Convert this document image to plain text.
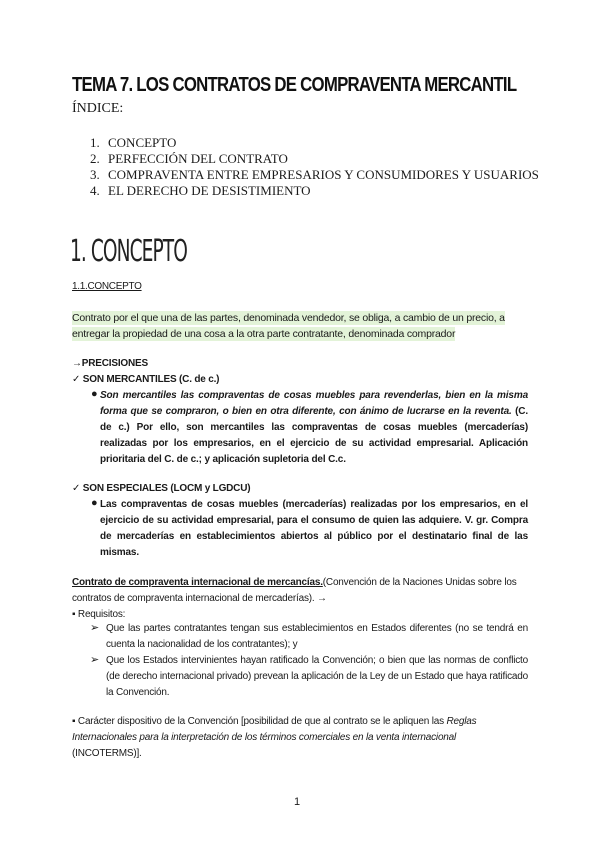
TEMA 7. LOS CONTRATOS DE COMPRAVENTA MERCANTIL
ÍNDICE:
1. CONCEPTO
2. PERFECCIÓN DEL CONTRATO
3. COMPRAVENTA ENTRE EMPRESARIOS Y CONSUMIDORES Y USUARIOS
4. EL DERECHO DE DESISTIMIENTO
1. CONCEPTO
1.1.CONCEPTO
Contrato por el que una de las partes, denominada vendedor, se obliga, a cambio de un precio, a
entregar la propiedad de una cosa a la otra parte contratante, denominada comprador
→PRECISIONES
✓ SON MERCANTILES (C. de c.)
● Son mercantiles las compraventas de cosas muebles para revenderlas, bien en la misma forma que se compraron, o bien en otra diferente, con ánimo de lucrarse en la reventa. (C. de c.) Por ello, son mercantiles las compraventas de cosas muebles (mercaderías) realizadas por los empresarios, en el ejercicio de su actividad empresarial. Aplicación prioritaria del C. de c.; y aplicación supletoria del C.c.
✓ SON ESPECIALES (LOCM y LGDCU)
● Las compraventas de cosas muebles (mercaderías) realizadas por los empresarios, en el ejercicio de su actividad empresarial, para el consumo de quien las adquiere. V. gr. Compra de mercaderías en establecimientos abiertos al público por el destinatario final de las mismas.
Contrato de compraventa internacional de mercancías.(Convención de la Naciones Unidas sobre los contratos de compraventa internacional de mercaderías). →
▪ Requisitos:
➢ Que las partes contratantes tengan sus establecimientos en Estados diferentes (no se tendrá en cuenta la nacionalidad de los contratantes); y
➢ Que los Estados intervinientes hayan ratificado la Convención; o bien que las normas de conflicto (de derecho internacional privado) prevean la aplicación de la Ley de un Estado que haya ratificado la Convención.
▪ Carácter dispositivo de la Convención [posibilidad de que al contrato se le apliquen las Reglas Internacionales para la interpretación de los términos comerciales en la venta internacional (INCOTERMS)].
1
